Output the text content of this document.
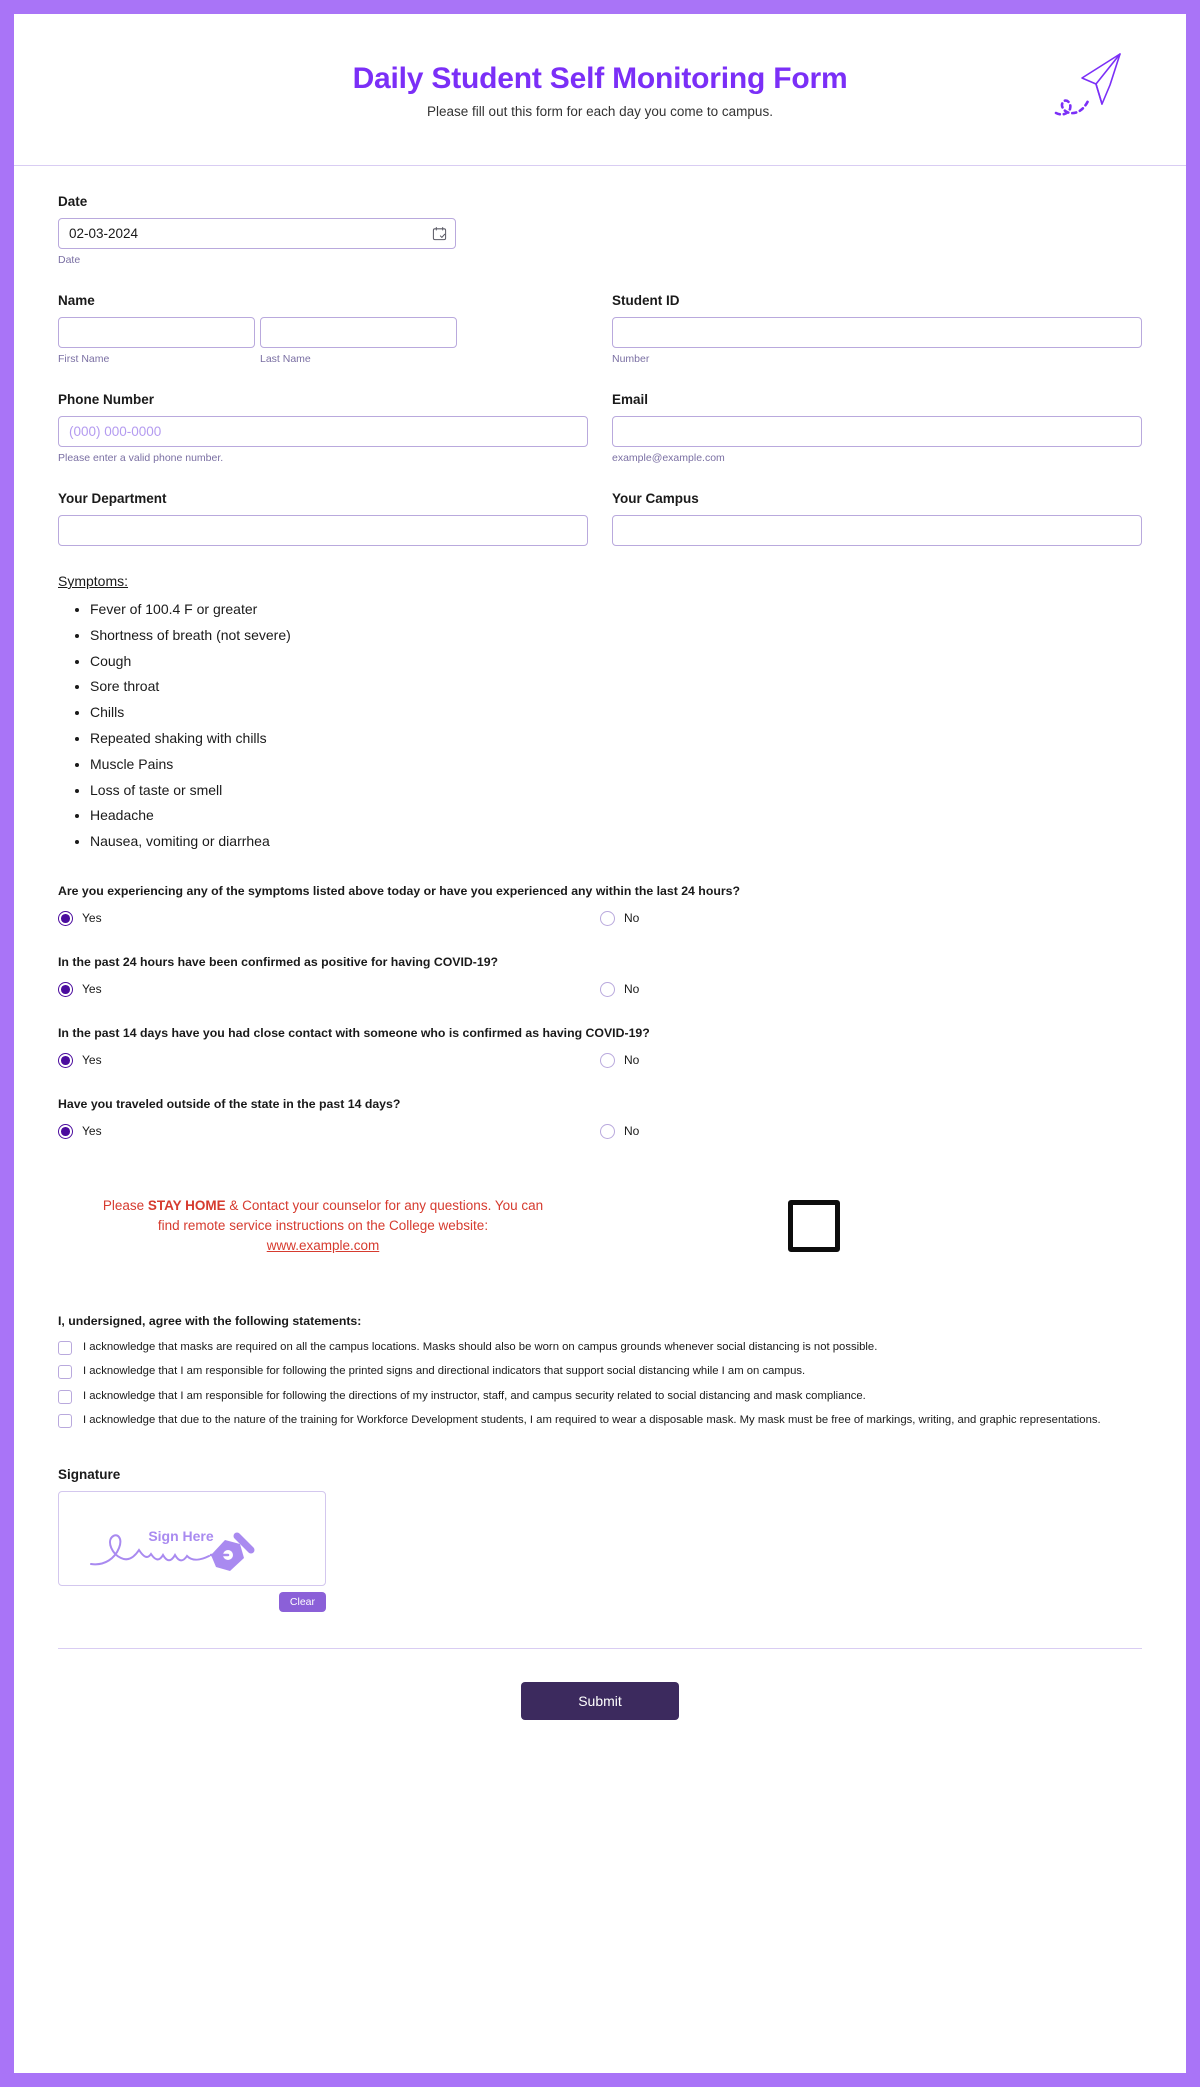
Daily Student Self Monitoring Form

Please fill out this form for each day you come to campus.

Date
02-03-2024
Date
Name
First Name	Last Name
Student ID
Number
Phone Number
(000) 000-0000
Please enter a valid phone number.
Email
example@example.com
Your Department	Your Campus
Symptoms:
• Fever of 100.4 F or greater
• Shortness of breath (not severe)
• Cough
• Sore throat
• Chills
• Repeated shaking with chills
• Muscle Pains
• Loss of taste or smell
• Headache
• Nausea, vomiting or diarrhea
Are you experiencing any of the symptoms listed above today or have you experienced any within the last 24 hours?
Yes	No
In the past 24 hours have been confirmed as positive for having COVID-19?
Yes	No
In the past 14 days have you had close contact with someone who is confirmed as having COVID-19?
Yes	No
Have you traveled outside of the state in the past 14 days?
Yes	No
Please STAY HOME & Contact your counselor for any questions. You can find remote service instructions on the College website: www.example.com
I, undersigned, agree with the following statements:
I acknowledge that masks are required on all the campus locations. Masks should also be worn on campus grounds whenever social distancing is not possible.
I acknowledge that I am responsible for following the printed signs and directional indicators that support social distancing while I am on campus.
I acknowledge that I am responsible for following the directions of my instructor, staff, and campus security related to social distancing and mask compliance.
I acknowledge that due to the nature of the training for Workforce Development students, I am required to wear a disposable mask. My mask must be free of markings, writing, and graphic representations.
Signature
Sign Here
Clear
Submit
